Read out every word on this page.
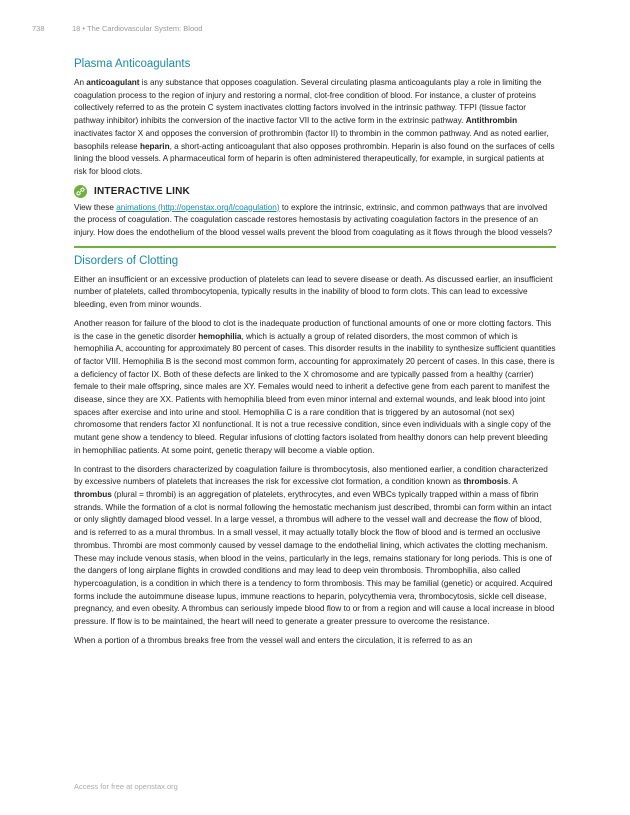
738	18 • The Cardiovascular System: Blood
Plasma Anticoagulants

An anticoagulant is any substance that opposes coagulation. Several circulating plasma anticoagulants play a role in limiting the coagulation process to the region of injury and restoring a normal, clot-free condition of blood. For instance, a cluster of proteins collectively referred to as the protein C system inactivates clotting factors involved in the intrinsic pathway. TFPI (tissue factor pathway inhibitor) inhibits the conversion of the inactive factor VII to the active form in the extrinsic pathway. Antithrombin inactivates factor X and opposes the conversion of prothrombin (factor II) to thrombin in the common pathway. And as noted earlier, basophils release heparin, a short-acting anticoagulant that also opposes prothrombin. Heparin is also found on the surfaces of cells lining the blood vessels. A pharmaceutical form of heparin is often administered therapeutically, for example, in surgical patients at risk for blood clots.

INTERACTIVE LINK

View these animations (http://openstax.org/l/coagulation) to explore the intrinsic, extrinsic, and common pathways that are involved the process of coagulation. The coagulation cascade restores hemostasis by activating coagulation factors in the presence of an injury. How does the endothelium of the blood vessel walls prevent the blood from coagulating as it flows through the blood vessels?

Disorders of Clotting

Either an insufficient or an excessive production of platelets can lead to severe disease or death. As discussed earlier, an insufficient number of platelets, called thrombocytopenia, typically results in the inability of blood to form clots. This can lead to excessive bleeding, even from minor wounds.

Another reason for failure of the blood to clot is the inadequate production of functional amounts of one or more clotting factors. This is the case in the genetic disorder hemophilia, which is actually a group of related disorders, the most common of which is hemophilia A, accounting for approximately 80 percent of cases. This disorder results in the inability to synthesize sufficient quantities of factor VIII. Hemophilia B is the second most common form, accounting for approximately 20 percent of cases. In this case, there is a deficiency of factor IX. Both of these defects are linked to the X chromosome and are typically passed from a healthy (carrier) female to their male offspring, since males are XY. Females would need to inherit a defective gene from each parent to manifest the disease, since they are XX. Patients with hemophilia bleed from even minor internal and external wounds, and leak blood into joint spaces after exercise and into urine and stool. Hemophilia C is a rare condition that is triggered by an autosomal (not sex) chromosome that renders factor XI nonfunctional. It is not a true recessive condition, since even individuals with a single copy of the mutant gene show a tendency to bleed. Regular infusions of clotting factors isolated from healthy donors can help prevent bleeding in hemophiliac patients. At some point, genetic therapy will become a viable option.

In contrast to the disorders characterized by coagulation failure is thrombocytosis, also mentioned earlier, a condition characterized by excessive numbers of platelets that increases the risk for excessive clot formation, a condition known as thrombosis. A thrombus (plural = thrombi) is an aggregation of platelets, erythrocytes, and even WBCs typically trapped within a mass of fibrin strands. While the formation of a clot is normal following the hemostatic mechanism just described, thrombi can form within an intact or only slightly damaged blood vessel. In a large vessel, a thrombus will adhere to the vessel wall and decrease the flow of blood, and is referred to as a mural thrombus. In a small vessel, it may actually totally block the flow of blood and is termed an occlusive thrombus. Thrombi are most commonly caused by vessel damage to the endothelial lining, which activates the clotting mechanism. These may include venous stasis, when blood in the veins, particularly in the legs, remains stationary for long periods. This is one of the dangers of long airplane flights in crowded conditions and may lead to deep vein thrombosis. Thrombophilia, also called hypercoagulation, is a condition in which there is a tendency to form thrombosis. This may be familial (genetic) or acquired. Acquired forms include the autoimmune disease lupus, immune reactions to heparin, polycythemia vera, thrombocytosis, sickle cell disease, pregnancy, and even obesity. A thrombus can seriously impede blood flow to or from a region and will cause a local increase in blood pressure. If flow is to be maintained, the heart will need to generate a greater pressure to overcome the resistance.

When a portion of a thrombus breaks free from the vessel wall and enters the circulation, it is referred to as an

Access for free at openstax.org
